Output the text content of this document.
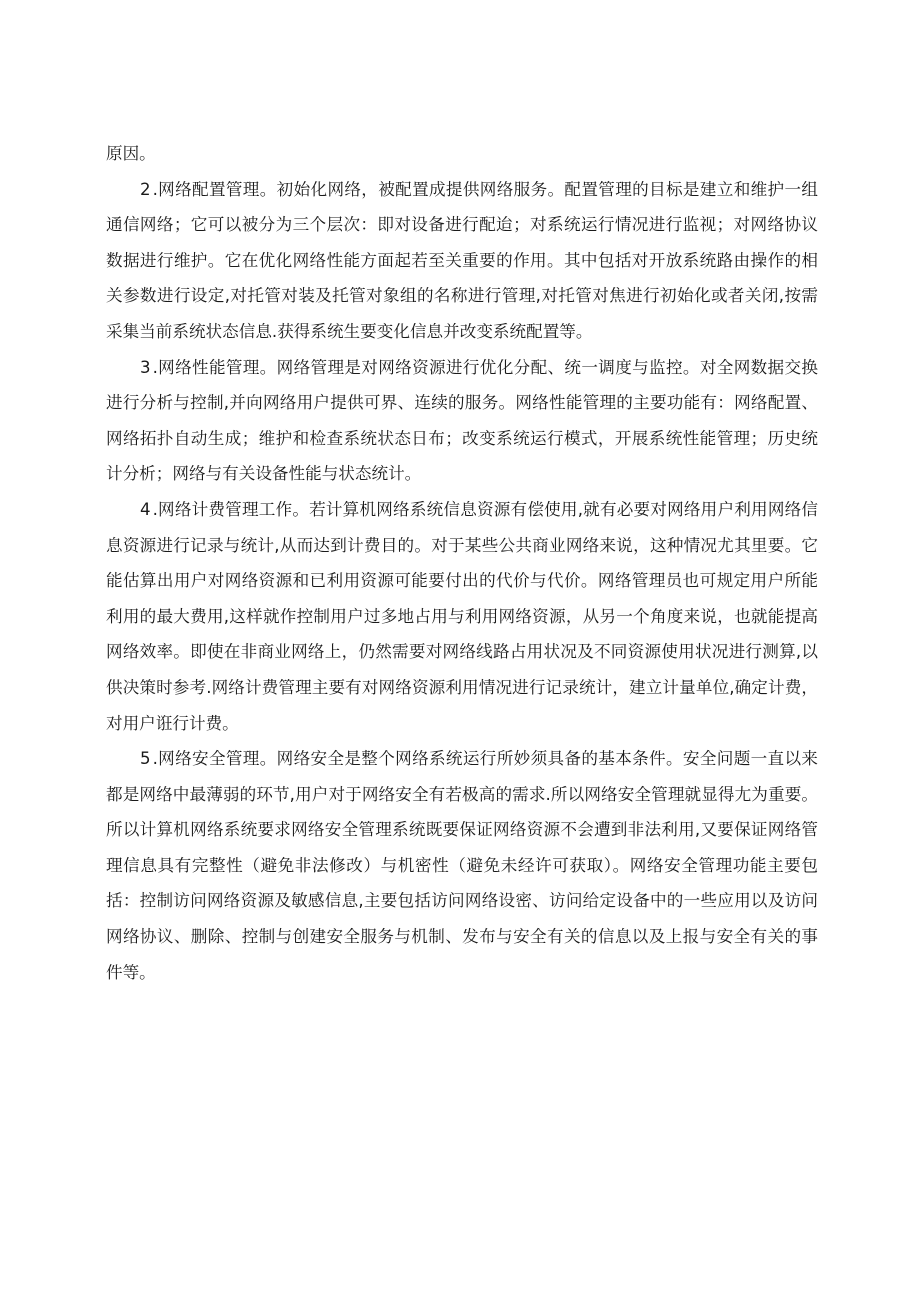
原因。

2 .网络配置管理。初始化网络，被配置成提供网络服务。配置管理的目标是建立和维护一组通信网络；它可以被分为三个层次：即对设备进行配迨；对系统运行情况进行监视；对网络协议数据进行维护。它在优化网络性能方面起若至关重要的作用。其中包括对开放系统路由操作的相关参数进行设定,对托管对装及托管对象组的名称进行管理,对托管对焦进行初始化或者关闭,按需采集当前系统状态信息.获得系统生要变化信息并改变系统配置等。

3 .网络性能管理。网络管理是对网络资源进行优化分配、统一调度与监控。对全网数据交换进行分析与控制,并向网络用户提供可界、连续的服务。网络性能管理的主要功能有：网络配置、网络拓扑自动生成；维护和检查系统状态日布；改变系统运行模式，开展系统性能管理；历史统计分析；网络与有关设备性能与状态统计。

4 .网络计费管理工作。若计算机网络系统信息资源有偿使用,就有必要对网络用户利用网络信息资源进行记录与统计,从而达到计费目的。对于某些公共商业网络来说，这种情况尤其里要。它能估算出用户对网络资源和已利用资源可能要付出的代价与代价。网络管理员也可规定用户所能利用的最大费用,这样就作控制用户过多地占用与利用网络资源，从另一个角度来说，也就能提高网络效率。即使在非商业网络上，仍然需要对网络线路占用状况及不同资源使用状况进行测算,以供决策时参考.网络计费管理主要有对网络资源利用情况进行记录统计，建立计量单位,确定计费，对用户诳行计费。

5 .网络安全管理。网络安全是整个网络系统运行所妙须具备的基本条件。安全问题一直以来都是网络中最薄弱的环节,用户对于网络安全有若极高的需求.所以网络安全管理就显得尢为重要。所以计算机网络系统要求网络安全管理系统既要保证网络资源不会遭到非法利用,又要保证网络管理信息具有完整性（避免非法修改）与机密性（避免未经许可获取）。网络安全管理功能主要包括：控制访问网络资源及敏感信息,主要包括访问网络设密、访问给定设备中的一些应用以及访问网络协议、删除、控制与创建安全服务与机制、发布与安全有关的信息以及上报与安全有关的事件等。
